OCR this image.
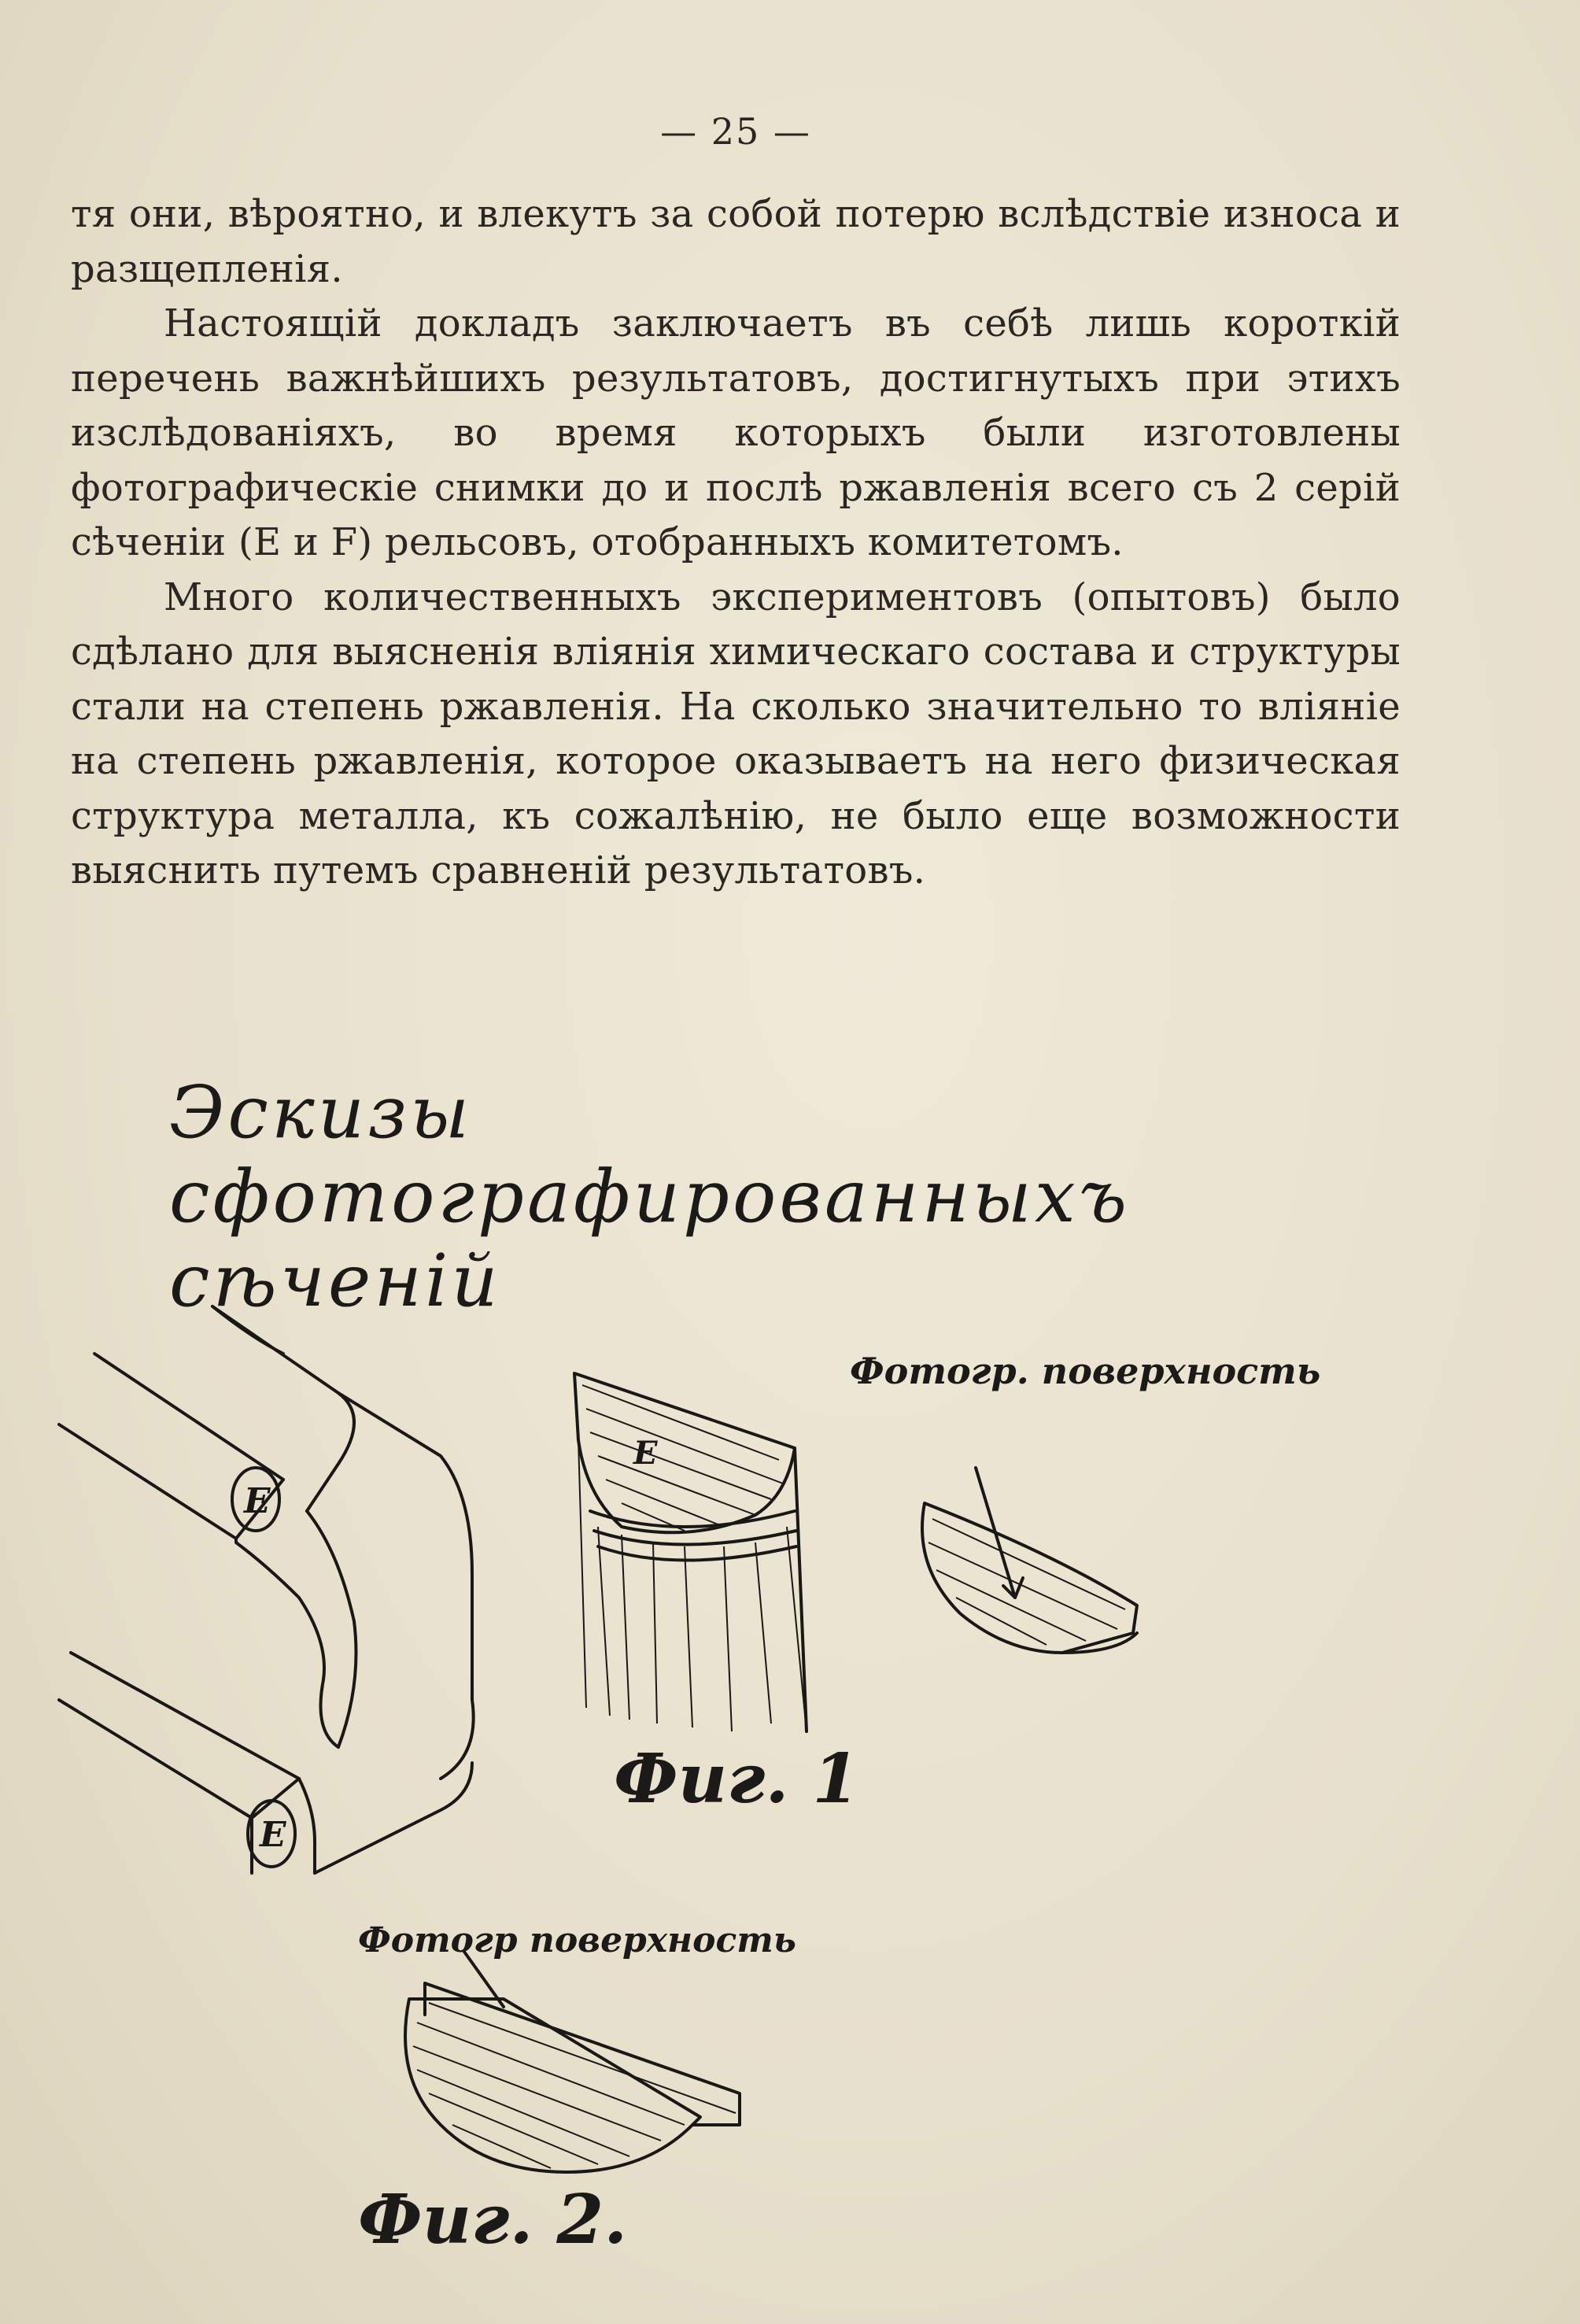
— 25 —

тя они, вѣроятно, и влекутъ за собой потерю вслѣдствіе износа и разщепленія.

Настоящій докладъ заключаетъ въ себѣ лишь короткій перечень важнѣйшихъ результатовъ, достигнутыхъ при этихъ изслѣдованіяхъ, во время которыхъ были изготовлены фотографическіе снимки до и послѣ ржавленія всего съ 2 серій сѣченіи (E и F) рельсовъ, отобранныхъ комитетомъ.

Много количественныхъ экспериментовъ (опытовъ) было сдѣлано для выясненія вліянія химическаго состава и структуры стали на степень ржавленія. На сколько значительно то вліяніе на степень ржавленія, которое оказываетъ на него физическая структура металла, къ сожалѣнію, не было еще возможности выяснить путемъ сравненій результатовъ.

Эскизы сфотографированныхъ сѣченій
E
E
E
Фотогр. поверхность
Фотогр поверхность
Фиг. 1
Фиг. 2.
